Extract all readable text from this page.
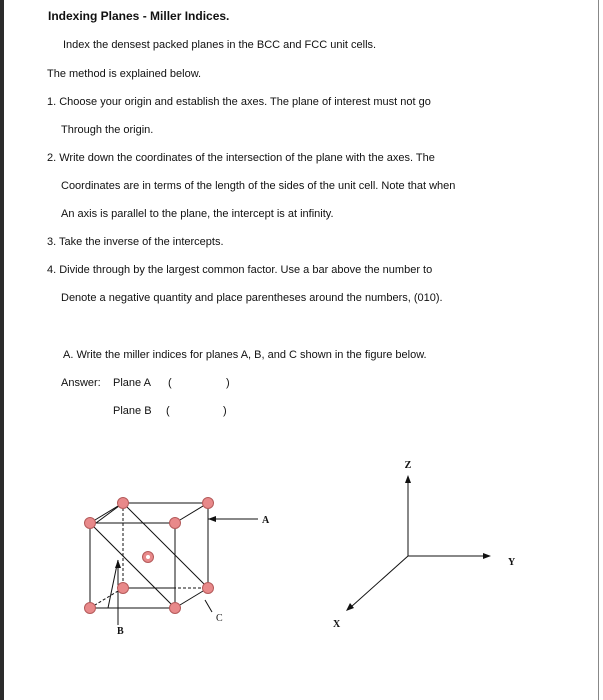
Indexing Planes - Miller Indices.
Index the densest packed planes in the BCC and FCC unit cells.
The method is explained below.
1. Choose your origin and establish the axes. The plane of interest must not go
Through the origin.
2. Write down the coordinates of the intersection of the plane with the axes. The
Coordinates are in terms of the length of the sides of the unit cell. Note that when
An axis is parallel to the plane, the intercept is at infinity.
3. Take the inverse of the intercepts.
4. Divide through by the largest common factor. Use a bar above the number to
Denote a negative quantity and place parentheses around the numbers, (010).
A. Write the miller indices for planes A, B, and C shown in the figure below.
Answer: Plane A (	)
Plane B (	)
A
B
C
Z
Y
X
